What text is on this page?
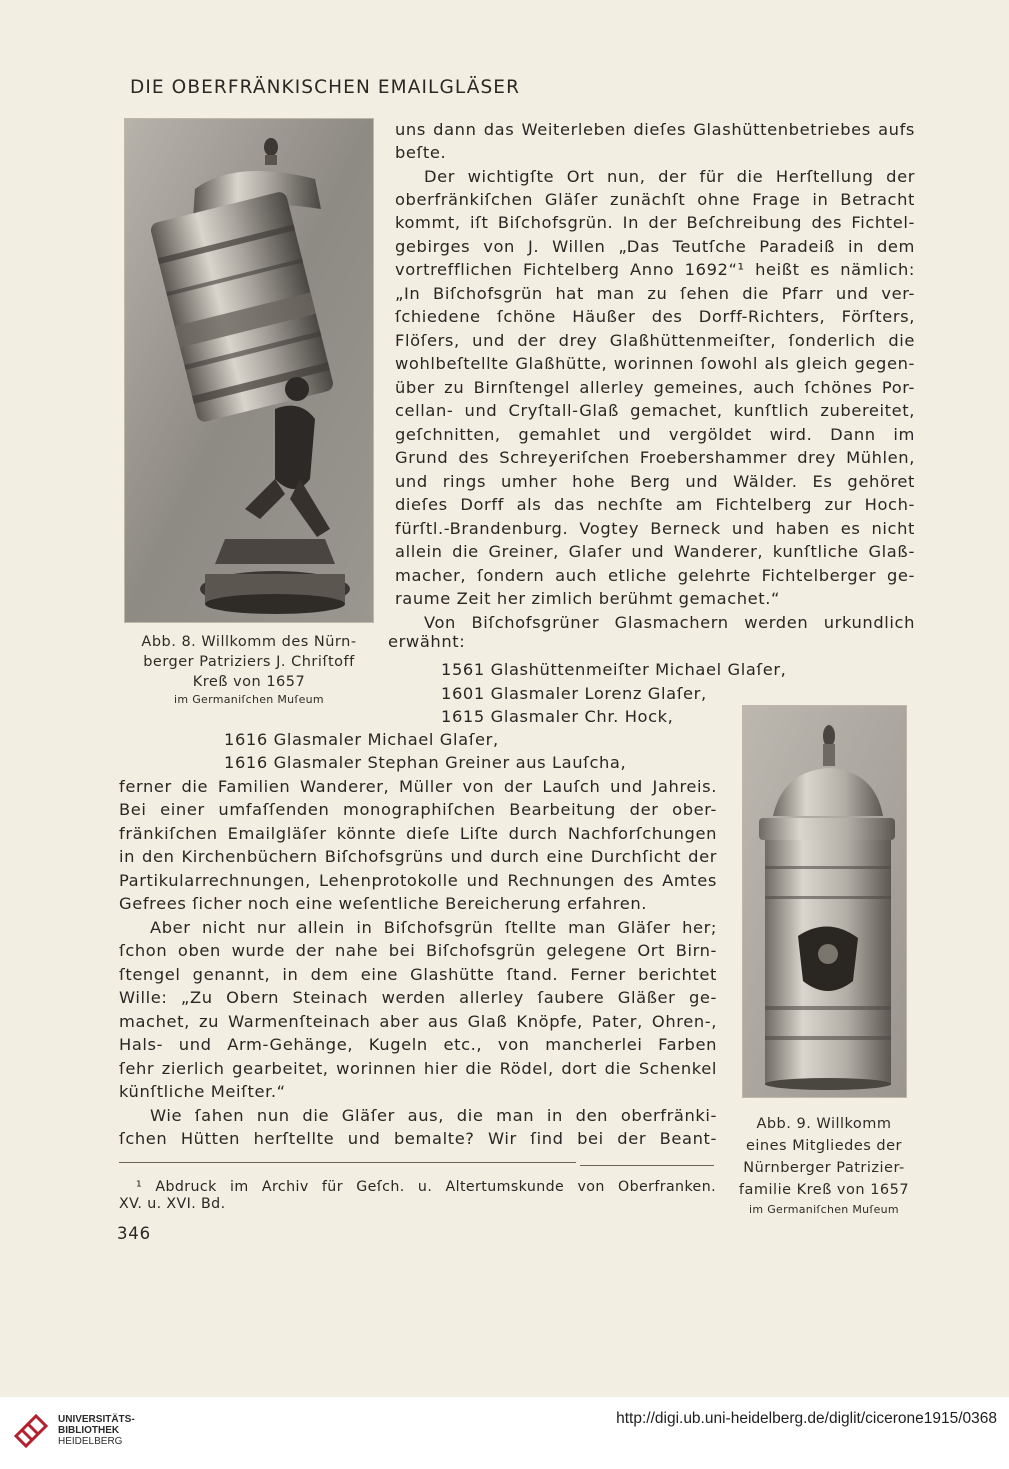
DIE OBERFRÄNKISCHEN EMAILGLÄSER
Abb. 8. Willkomm des Nürn-
berger Patriziers J. Chriſtoff
Kreß von 1657
im Germaniſchen Muſeum
Abb. 9. Willkomm
eines Mitgliedes der
Nürnberger Patrizier-
familie Kreß von 1657
im Germaniſchen Muſeum
uns dann das Weiterleben dieſes Glashüttenbetriebes aufs
beſte.
Der wichtigſte Ort nun, der für die Herſtellung der
oberfränkiſchen Gläſer zunächſt ohne Frage in Betracht
kommt, iſt Biſchofsgrün. In der Beſchreibung des Fichtel-
gebirges von J. Willen „Das Teutſche Paradeiß in dem
vortrefflichen Fichtelberg Anno 1692“¹ heißt es nämlich:
„In Biſchofsgrün hat man zu ſehen die Pfarr und ver-
ſchiedene ſchöne Häußer des Dorff-Richters, Förſters,
Flöſers, und der drey Glaßhüttenmeiſter, ſonderlich die
wohlbeſtellte Glaßhütte, worinnen ſowohl als gleich gegen-
über zu Birnſtengel allerley gemeines, auch ſchönes Por-
cellan- und Cryſtall-Glaß gemachet, kunſtlich zubereitet,
geſchnitten, gemahlet und vergöldet wird. Dann im
Grund des Schreyeriſchen Froebershammer drey Mühlen,
und rings umher hohe Berg und Wälder. Es gehöret
dieſes Dorff als das nechſte am Fichtelberg zur Hoch-
fürſtl.-Brandenburg. Vogtey Berneck und haben es nicht
allein die Greiner, Glaſer und Wanderer, kunſtliche Glaß-
macher, ſondern auch etliche gelehrte Fichtelberger ge-
raume Zeit her zimlich berühmt gemachet.“
Von Biſchofsgrüner Glasmachern werden urkundlich
erwähnt:
1561 Glashüttenmeiſter Michael Glaſer,
1601 Glasmaler Lorenz Glaſer,
1615 Glasmaler Chr. Hock,
1616 Glasmaler Michael Glaſer,
1616 Glasmaler Stephan Greiner aus Lauſcha,
ferner die Familien Wanderer, Müller von der Lauſch und Jahreis.
Bei einer umfaſſenden monographiſchen Bearbeitung der ober-
fränkiſchen Emailgläſer könnte dieſe Liſte durch Nachforſchungen
in den Kirchenbüchern Biſchofsgrüns und durch eine Durchſicht der
Partikularrechnungen, Lehenprotokolle und Rechnungen des Amtes
Gefrees ſicher noch eine weſentliche Bereicherung erfahren.
Aber nicht nur allein in Biſchofsgrün ſtellte man Gläſer her;
ſchon oben wurde der nahe bei Biſchofsgrün gelegene Ort Birn-
ſtengel genannt, in dem eine Glashütte ſtand. Ferner berichtet
Wille: „Zu Obern Steinach werden allerley ſaubere Gläßer ge-
machet, zu Warmenſteinach aber aus Glaß Knöpfe, Pater, Ohren-,
Hals- und Arm-Gehänge, Kugeln etc., von mancherlei Farben
ſehr zierlich gearbeitet, worinnen hier die Rödel, dort die Schenkel
künſtliche Meiſter.“
Wie ſahen nun die Gläſer aus, die man in den oberfränki-
ſchen Hütten herſtellte und bemalte? Wir ſind bei der Beant-
¹ Abdruck im Archiv für Geſch. u. Altertumskunde von Oberfranken.
XV. u. XVI. Bd.
346
UNIVERSITÄTS-
BIBLIOTHEK
HEIDELBERG
http://digi.ub.uni-heidelberg.de/diglit/cicerone1915/0368
